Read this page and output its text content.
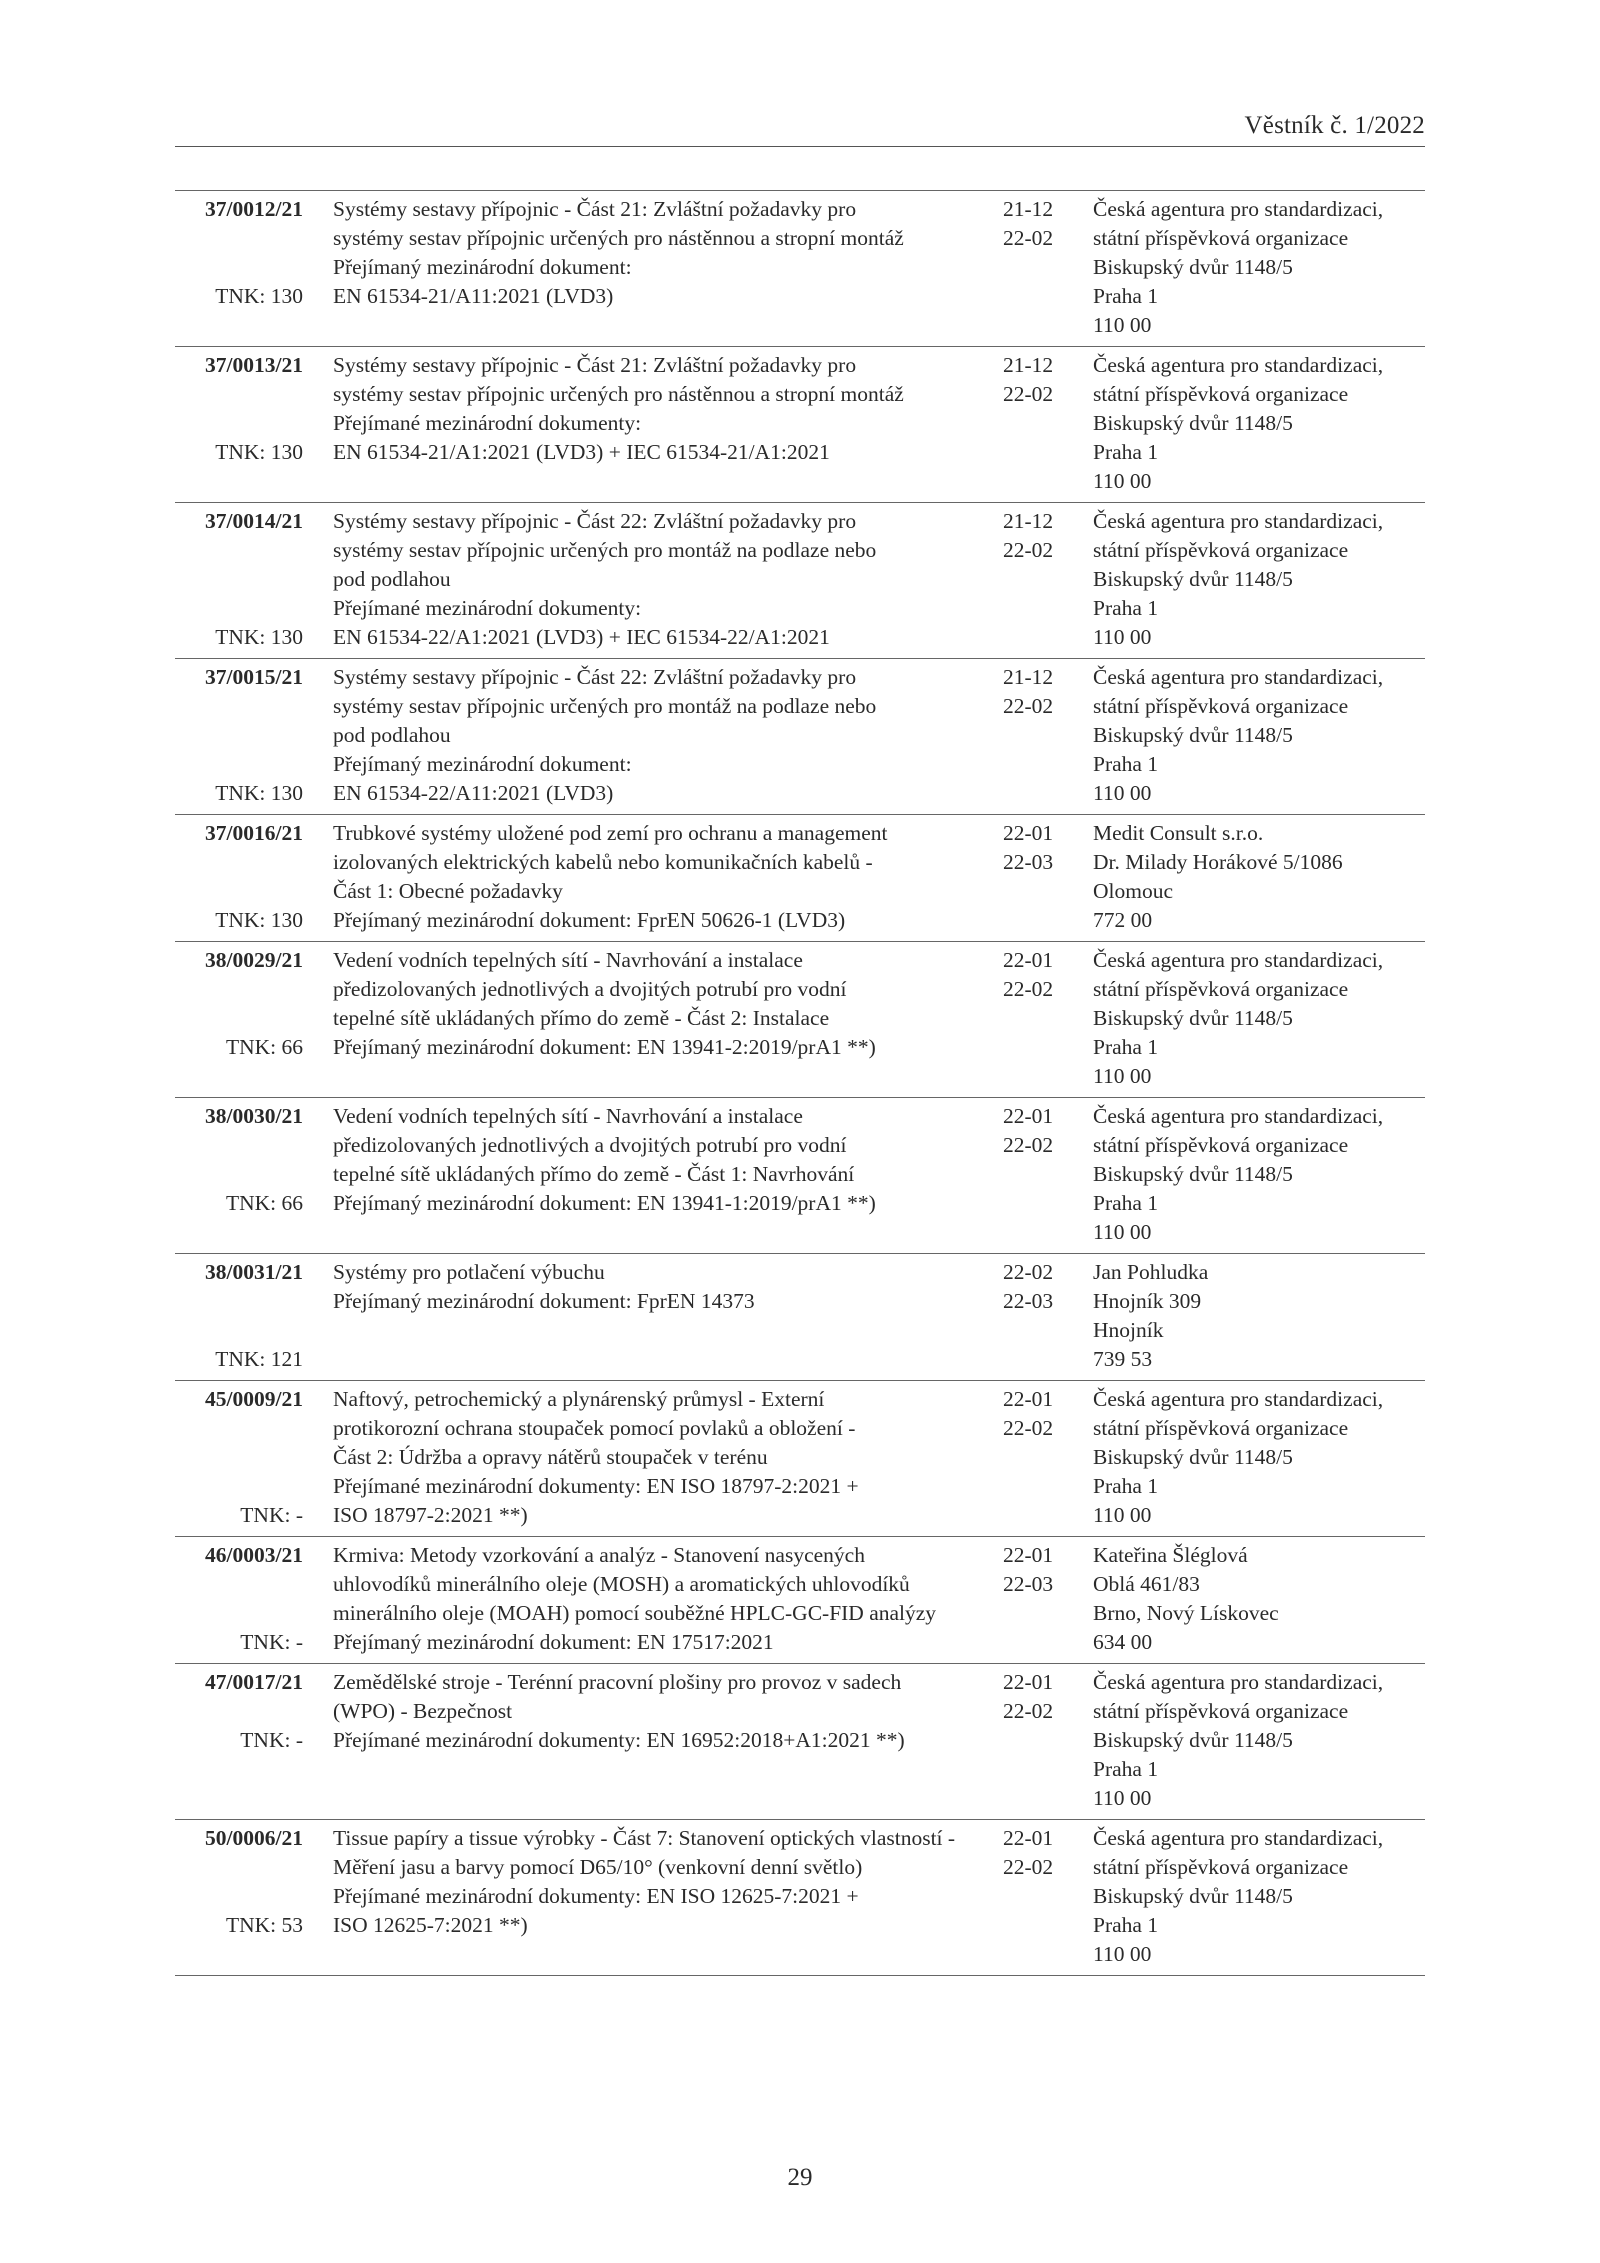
Věstník č. 1/2022
37/0012/21
TNK: 130
Systémy sestavy přípojnic - Část 21: Zvláštní požadavky pro
systémy sestav přípojnic určených pro nástěnnou a stropní montáž
Přejímaný mezinárodní dokument:
EN 61534-21/A11:2021 (LVD3)
21-12
22-02
Česká agentura pro standardizaci,
státní příspěvková organizace
Biskupský dvůr 1148/5
Praha 1
110 00
37/0013/21
TNK: 130
Systémy sestavy přípojnic - Část 21: Zvláštní požadavky pro
systémy sestav přípojnic určených pro nástěnnou a stropní montáž
Přejímané mezinárodní dokumenty:
EN 61534-21/A1:2021 (LVD3) + IEC 61534-21/A1:2021
21-12
22-02
Česká agentura pro standardizaci,
státní příspěvková organizace
Biskupský dvůr 1148/5
Praha 1
110 00
37/0014/21
TNK: 130
Systémy sestavy přípojnic - Část 22: Zvláštní požadavky pro
systémy sestav přípojnic určených pro montáž na podlaze nebo
pod podlahou
Přejímané mezinárodní dokumenty:
EN 61534-22/A1:2021 (LVD3) + IEC 61534-22/A1:2021
21-12
22-02
Česká agentura pro standardizaci,
státní příspěvková organizace
Biskupský dvůr 1148/5
Praha 1
110 00
37/0015/21
TNK: 130
Systémy sestavy přípojnic - Část 22: Zvláštní požadavky pro
systémy sestav přípojnic určených pro montáž na podlaze nebo
pod podlahou
Přejímaný mezinárodní dokument:
EN 61534-22/A11:2021 (LVD3)
21-12
22-02
Česká agentura pro standardizaci,
státní příspěvková organizace
Biskupský dvůr 1148/5
Praha 1
110 00
37/0016/21
TNK: 130
Trubkové systémy uložené pod zemí pro ochranu a management
izolovaných elektrických kabelů nebo komunikačních kabelů -
Část 1: Obecné požadavky
Přejímaný mezinárodní dokument: FprEN 50626-1 (LVD3)
22-01
22-03
Medit Consult s.r.o.
Dr. Milady Horákové 5/1086
Olomouc
772 00
38/0029/21
TNK: 66
Vedení vodních tepelných sítí - Navrhování a instalace
předizolovaných jednotlivých a dvojitých potrubí pro vodní
tepelné sítě ukládaných přímo do země - Část 2: Instalace
Přejímaný mezinárodní dokument: EN 13941-2:2019/prA1 **)
22-01
22-02
Česká agentura pro standardizaci,
státní příspěvková organizace
Biskupský dvůr 1148/5
Praha 1
110 00
38/0030/21
TNK: 66
Vedení vodních tepelných sítí - Navrhování a instalace
předizolovaných jednotlivých a dvojitých potrubí pro vodní
tepelné sítě ukládaných přímo do země - Část 1: Navrhování
Přejímaný mezinárodní dokument: EN 13941-1:2019/prA1 **)
22-01
22-02
Česká agentura pro standardizaci,
státní příspěvková organizace
Biskupský dvůr 1148/5
Praha 1
110 00
38/0031/21
TNK: 121
Systémy pro potlačení výbuchu
Přejímaný mezinárodní dokument: FprEN 14373
22-02
22-03
Jan Pohludka
Hnojník 309
Hnojník
739 53
45/0009/21
TNK: -
Naftový, petrochemický a plynárenský průmysl - Externí
protikorozní ochrana stoupaček pomocí povlaků a obložení -
Část 2: Údržba a opravy nátěrů stoupaček v terénu
Přejímané mezinárodní dokumenty: EN ISO 18797-2:2021 +
ISO 18797-2:2021 **)
22-01
22-02
Česká agentura pro standardizaci,
státní příspěvková organizace
Biskupský dvůr 1148/5
Praha 1
110 00
46/0003/21
TNK: -
Krmiva: Metody vzorkování a analýz - Stanovení nasycených
uhlovodíků minerálního oleje (MOSH) a aromatických uhlovodíků
minerálního oleje (MOAH) pomocí souběžné HPLC-GC-FID analýzy
Přejímaný mezinárodní dokument: EN 17517:2021
22-01
22-03
Kateřina Šléglová
Oblá 461/83
Brno, Nový Lískovec
634 00
47/0017/21
TNK: -
Zemědělské stroje - Terénní pracovní plošiny pro provoz v sadech
(WPO) - Bezpečnost
Přejímané mezinárodní dokumenty: EN 16952:2018+A1:2021 **)
22-01
22-02
Česká agentura pro standardizaci,
státní příspěvková organizace
Biskupský dvůr 1148/5
Praha 1
110 00
50/0006/21
TNK: 53
Tissue papíry a tissue výrobky - Část 7: Stanovení optických vlastností -
Měření jasu a barvy pomocí D65/10° (venkovní denní světlo)
Přejímané mezinárodní dokumenty: EN ISO 12625-7:2021 +
ISO 12625-7:2021 **)
22-01
22-02
Česká agentura pro standardizaci,
státní příspěvková organizace
Biskupský dvůr 1148/5
Praha 1
110 00
29
